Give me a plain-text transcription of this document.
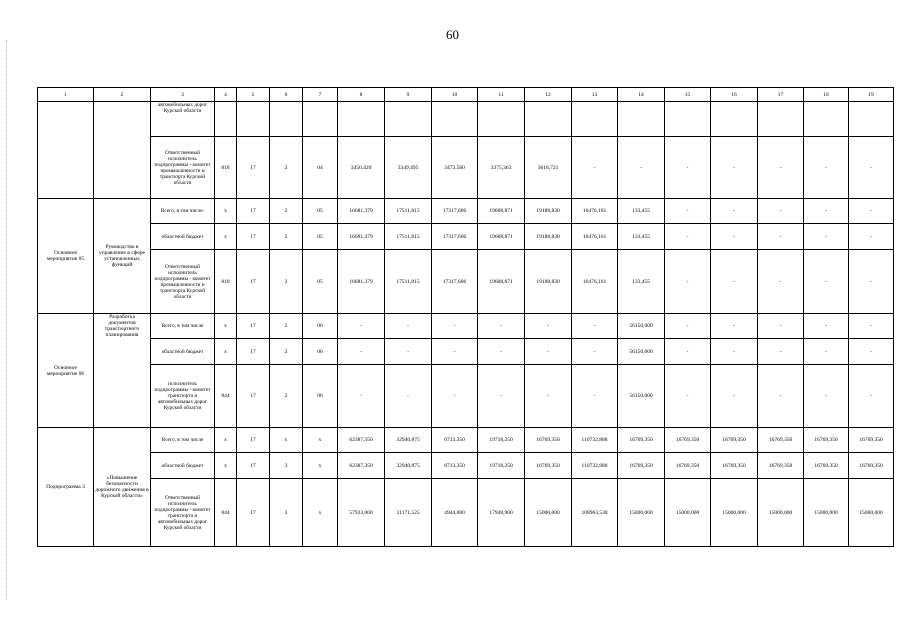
60
1	2	3	4	5	6	7	8	9	10	11	12	13	14	15	16	17	18	19
		автомобильных дорог Курской области																
		Ответственный исполнитель подпрограммы - комитет промышленности и транспорта Курской области	818	17	2	04	3450,420	3349,495	3473,560	3375,363	3618,721	-	-	-	-	-	-	-
Основное мероприятие 05	Руководство в управление в сфере установленных функций	Всего, в том числе:	x	17	2	05	16681,379	17511,815	17317,606	19608,871	19188,830	16476,161	133,455	-	-	-	-	-
		областной бюджет	x	17	2	05	16681,379	17511,815	17317,606	19608,871	19188,830	16476,161	133,455	-	-	-	-	-
		Ответственный исполнитель подпрограммы - комитет промышленности и транспорта Курской области	818	17	2	05	16681,379	17511,815	17317,606	19608,871	19188,830	16476,161	133,455	-	-	-	-	-
Основное мероприятие 06	Разработка документов транспортного планирования	Всего, в том числе	x	17	2	06	-	-	-	-	-	-	56150,000	-	-	-	-	-
		областной бюджет	x	17	2	06	-	-	-	-	-	-	56150,000	-	-	-	-	-
		исполнитель подпрограммы - комитет транспорта и автомобильных дорог Курской области	844	17	2	06	-	-	-	-	-	-	56150,000	-	-	-	-	-
Подпрограмма 3	«Повышение безопасности дорожного движения в Курской области»	Всего, в том числе	x	17	x	x	62387,350	32940,875	6713,350	19718,250	16769,350	110732,888	16769,350	16769,350	16769,350	16769,350	16769,350	16769,350
		областной бюджет	x	17	3	x	62387,350	32940,875	6713,350	19718,250	16769,350	110732,888	16769,350	16769,350	16769,350	16769,350	16769,350	16769,350
		Ответственный исполнитель подпрограммы - комитет транспорта и автомобильных дорог Курской области	844	17	3	x	57933,000	31171,525	4944,000	17948,900	15000,000	108963,538	15000,000	15000,000	15000,000	15000,000	15000,000	15000,000
